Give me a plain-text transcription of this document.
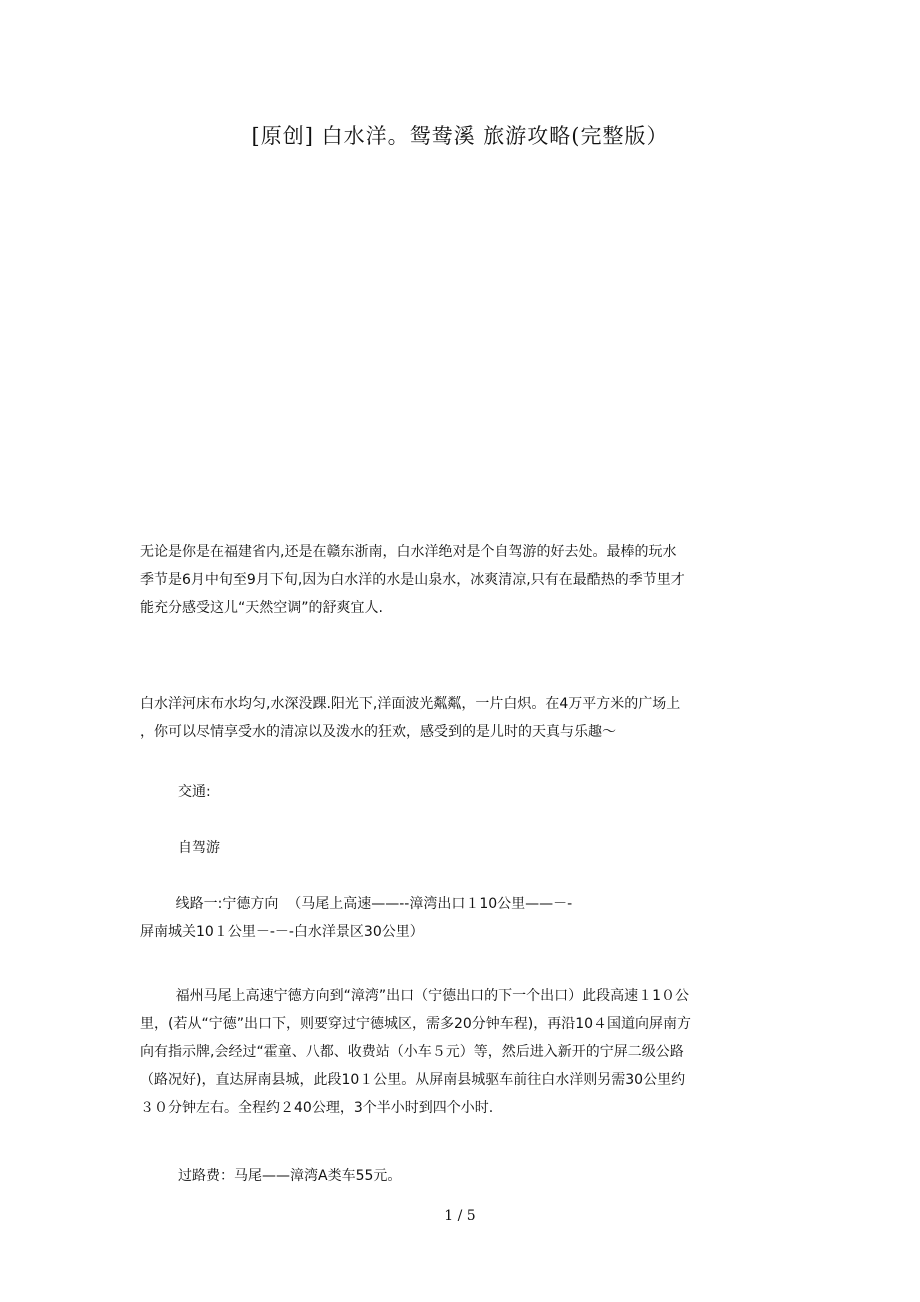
[原创] 白水洋。鸳鸯溪 旅游攻略(完整版）
无论是你是在福建省内,还是在赣东浙南，白水洋绝对是个自驾游的好去处。最棒的玩水
季节是6月中旬至9月下旬,因为白水洋的水是山泉水，冰爽清凉,只有在最酷热的季节里才
能充分感受这儿“天然空调”的舒爽宜人.
白水洋河床布水均匀,水深没踝.阳光下,洋面波光粼粼，一片白炽。在4万平方米的广场上
，你可以尽情享受水的清凉以及泼水的狂欢，感受到的是儿时的天真与乐趣～
交通:
自驾游
线路一:宁德方向  （马尾上高速——--漳湾出口１10公里——－-
屏南城关10１公里－-－-白水洋景区30公里）
福州马尾上高速宁德方向到“漳湾”出口（宁德出口的下一个出口）此段高速１1０公
里，(若从“宁德”出口下，则要穿过宁德城区，需多20分钟车程)，再沿10４国道向屏南方
向有指示牌,会经过“霍童、八都、收费站（小车５元）等，然后进入新开的宁屏二级公路
（路况好)，直达屏南县城，此段10１公里。从屏南县城驱车前往白水洋则另需30公里约
３０分钟左右。全程约２40公理，3个半小时到四个小时.
过路费：马尾——漳湾A类车55元。
1 / 5
